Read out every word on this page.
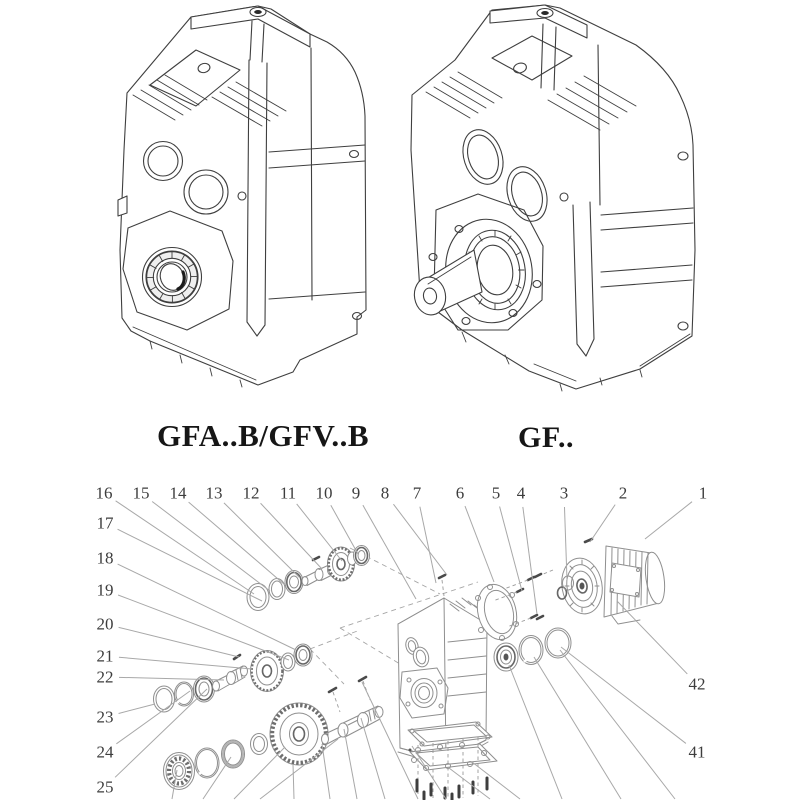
1
2
3
4
5
6
7
8
9
10
11
12
13
14
15
16
17
18
19
20
21
22
23
24
25
42
41
GFA..B/GFV..B	GF..
